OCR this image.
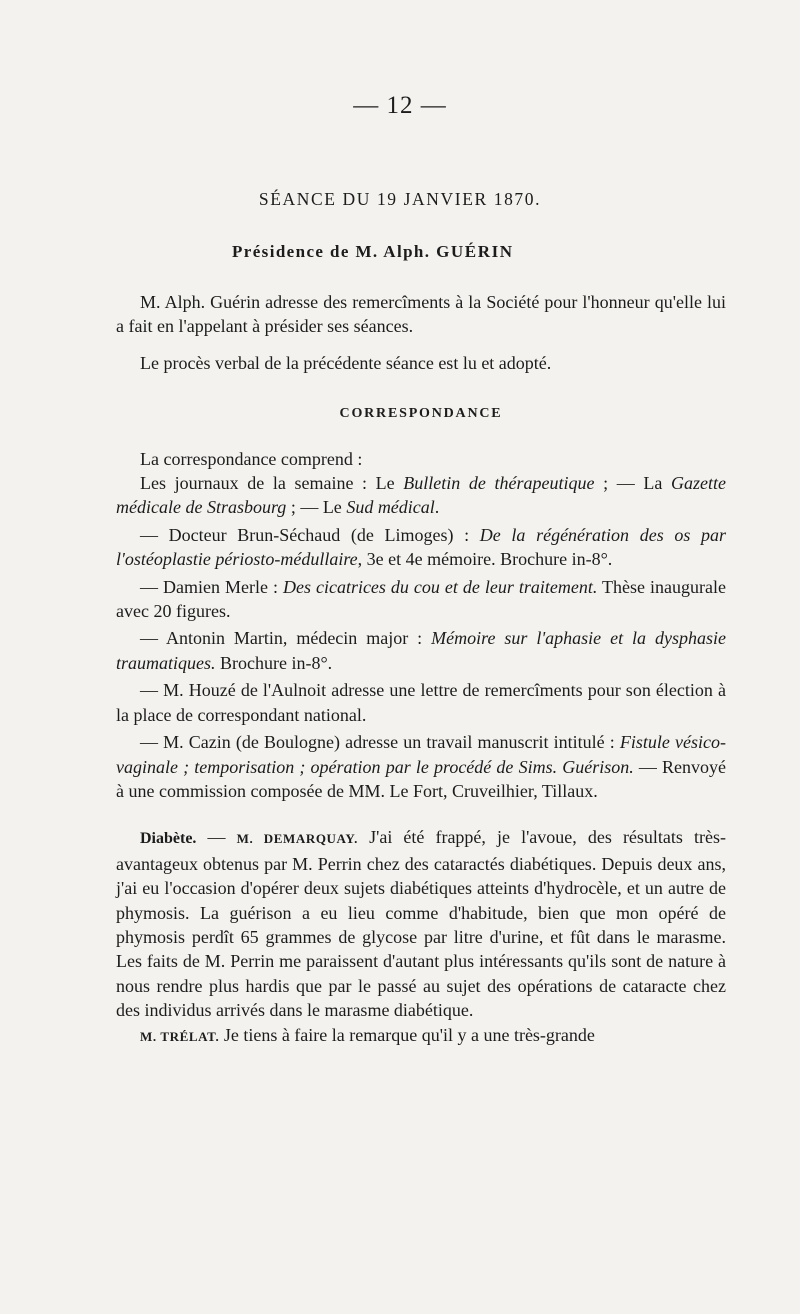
— 12 —
SÉANCE DU 19 JANVIER 1870.
Présidence de M. Alph. GUÉRIN

M. Alph. Guérin adresse des remercîments à la Société pour l'honneur qu'elle lui a fait en l'appelant à présider ses séances.

Le procès verbal de la précédente séance est lu et adopté.

CORRESPONDANCE

La correspondance comprend :

Les journaux de la semaine : Le Bulletin de thérapeutique ; — La Gazette médicale de Strasbourg ; — Le Sud médical.

— Docteur Brun-Séchaud (de Limoges) : De la régénération des os par l'ostéoplastie périosto-médullaire, 3e et 4e mémoire. Brochure in-8°.

— Damien Merle : Des cicatrices du cou et de leur traitement. Thèse inaugurale avec 20 figures.

— Antonin Martin, médecin major : Mémoire sur l'aphasie et la dysphasie traumatiques. Brochure in-8°.

— M. Houzé de l'Aulnoit adresse une lettre de remercîments pour son élection à la place de correspondant national.

— M. Cazin (de Boulogne) adresse un travail manuscrit intitulé : Fistule vésico-vaginale ; temporisation ; opération par le procédé de Sims. Guérison. — Renvoyé à une commission composée de MM. Le Fort, Cruveilhier, Tillaux.

Diabète. — M. DEMARQUAY. J'ai été frappé, je l'avoue, des résultats très-avantageux obtenus par M. Perrin chez des cataractés diabétiques. Depuis deux ans, j'ai eu l'occasion d'opérer deux sujets diabétiques atteints d'hydrocèle, et un autre de phymosis. La guérison a eu lieu comme d'habitude, bien que mon opéré de phymosis perdît 65 grammes de glycose par litre d'urine, et fût dans le marasme. Les faits de M. Perrin me paraissent d'autant plus intéressants qu'ils sont de nature à nous rendre plus hardis que par le passé au sujet des opérations de cataracte chez des individus arrivés dans le marasme diabétique.

M. TRÉLAT. Je tiens à faire la remarque qu'il y a une très-grande
